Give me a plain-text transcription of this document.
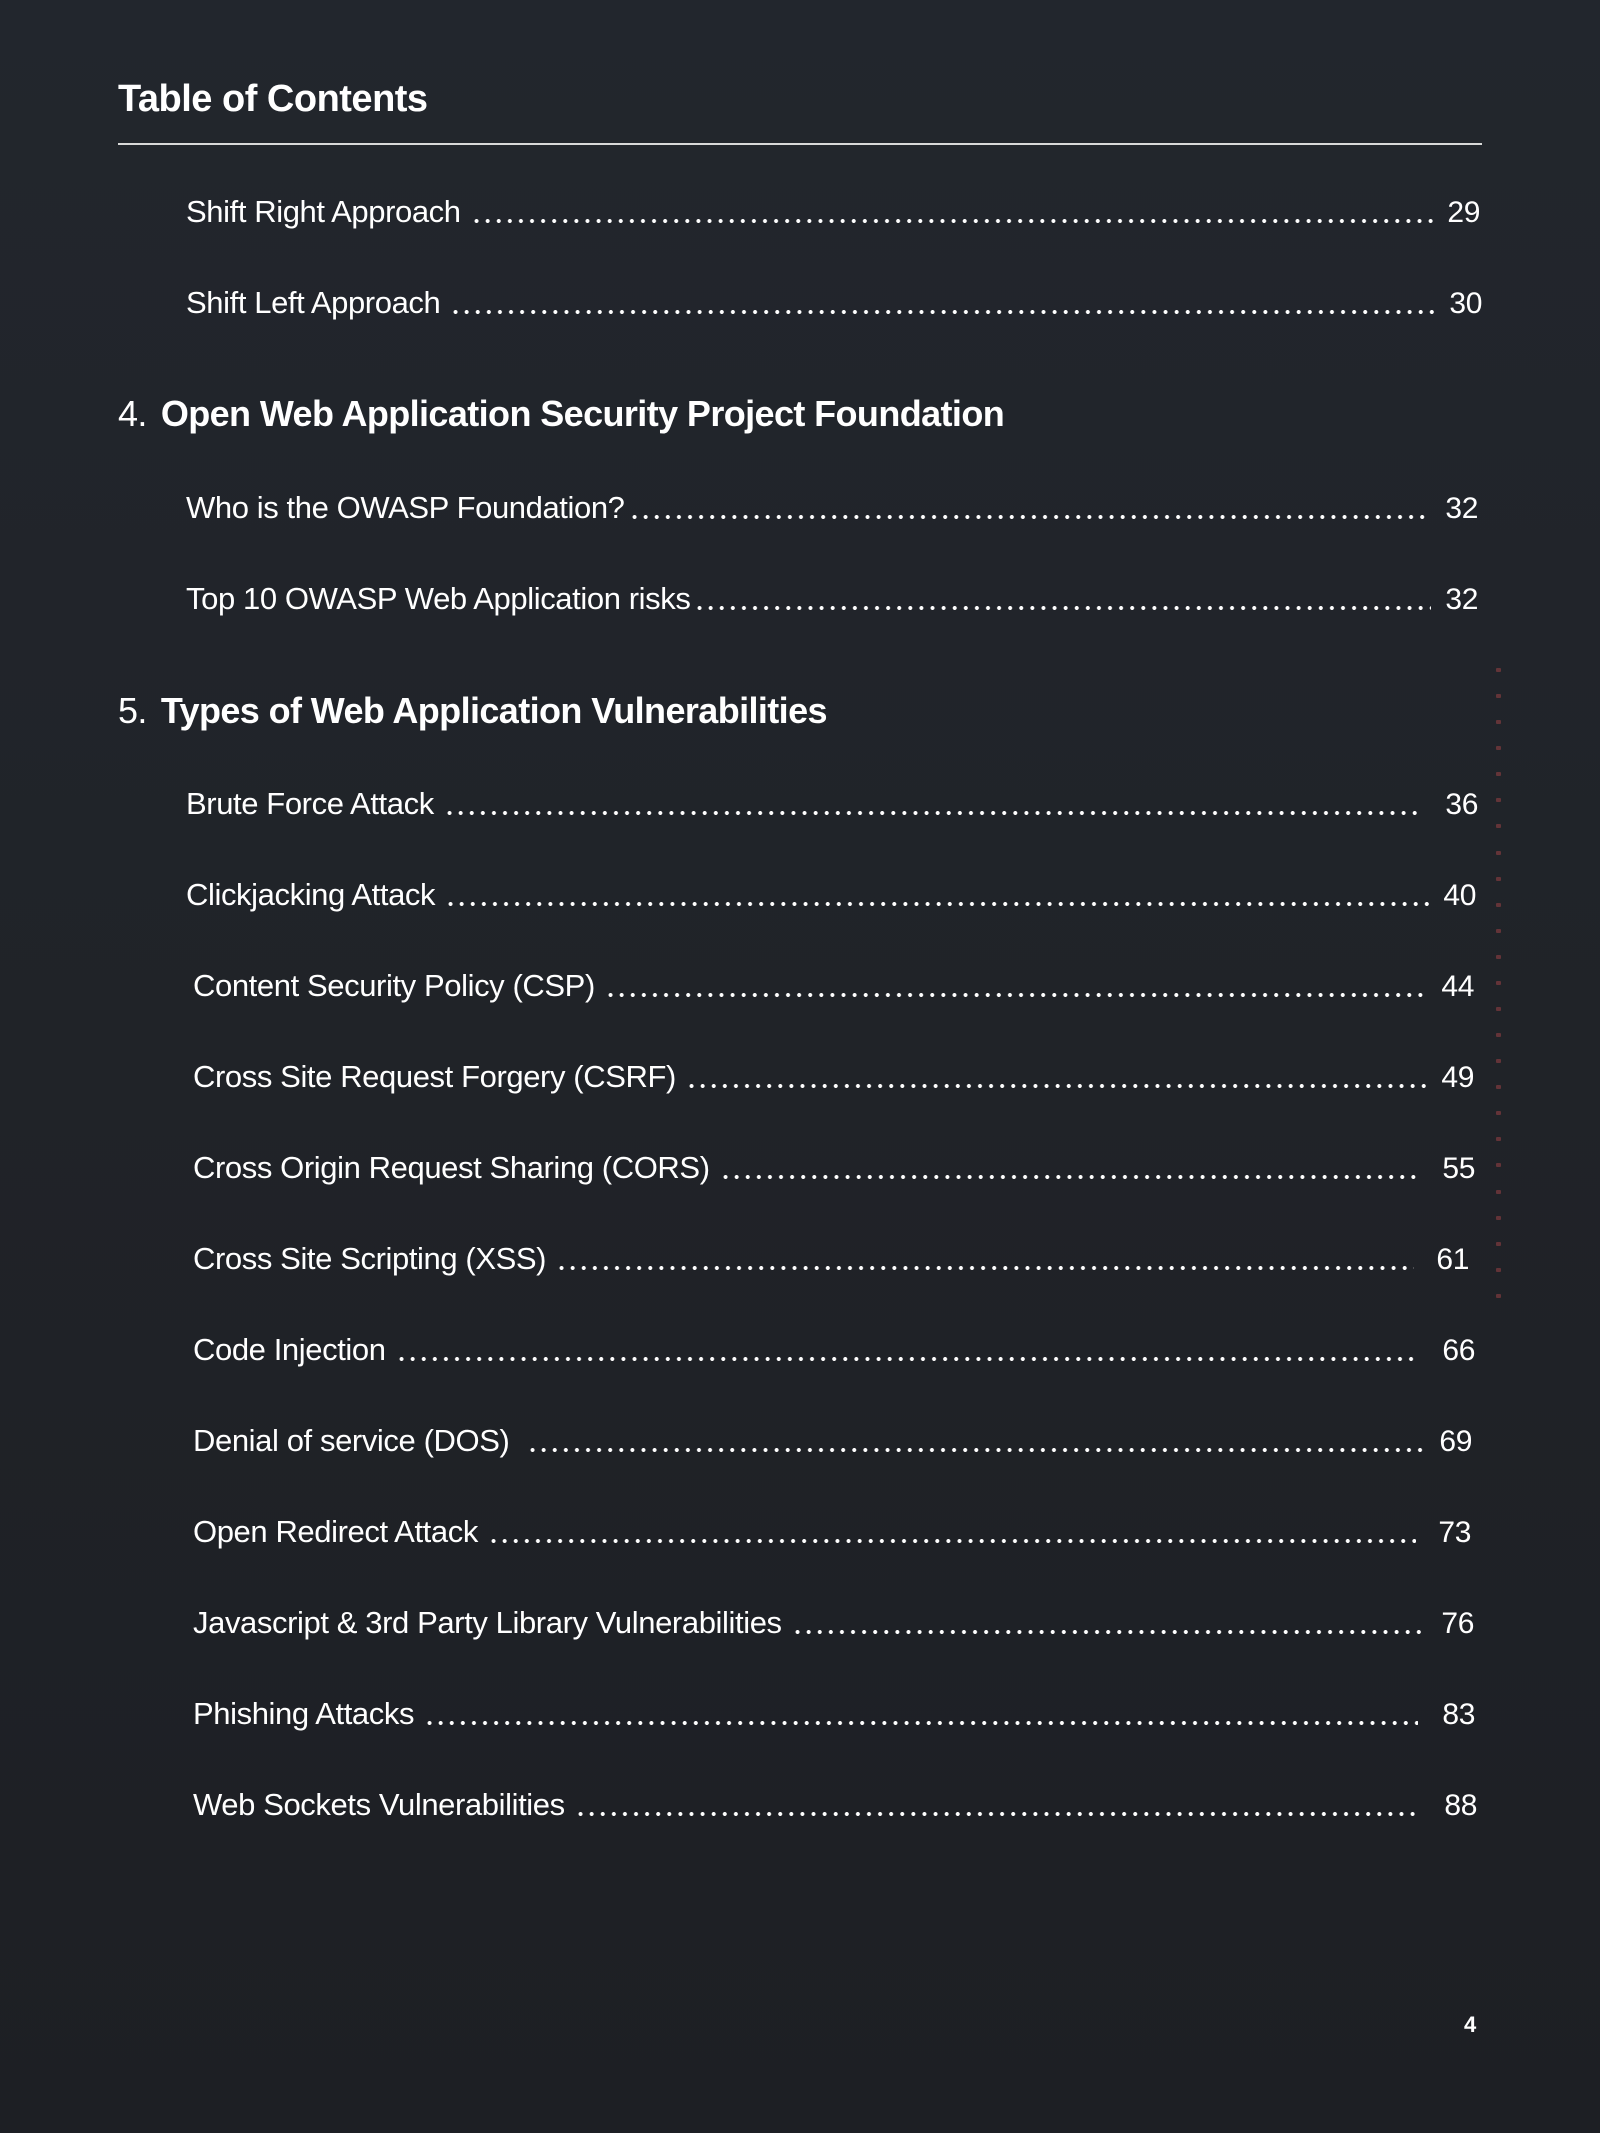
Table of Contents
Shift Right Approach	29
Shift Left Approach	30
4. Open Web Application Security Project Foundation
Who is the OWASP Foundation?	32
Top 10 OWASP Web Application risks	32
5. Types of Web Application Vulnerabilities
Brute Force Attack	36
Clickjacking Attack	40
Content Security Policy (CSP)	44
Cross Site Request Forgery (CSRF)	49
Cross Origin Request Sharing (CORS)	55
Cross Site Scripting (XSS)	61
Code Injection	66
Denial of service (DOS)	69
Open Redirect Attack	73
Javascript & 3rd Party Library Vulnerabilities	76
Phishing Attacks	83
Web Sockets Vulnerabilities	88
4
